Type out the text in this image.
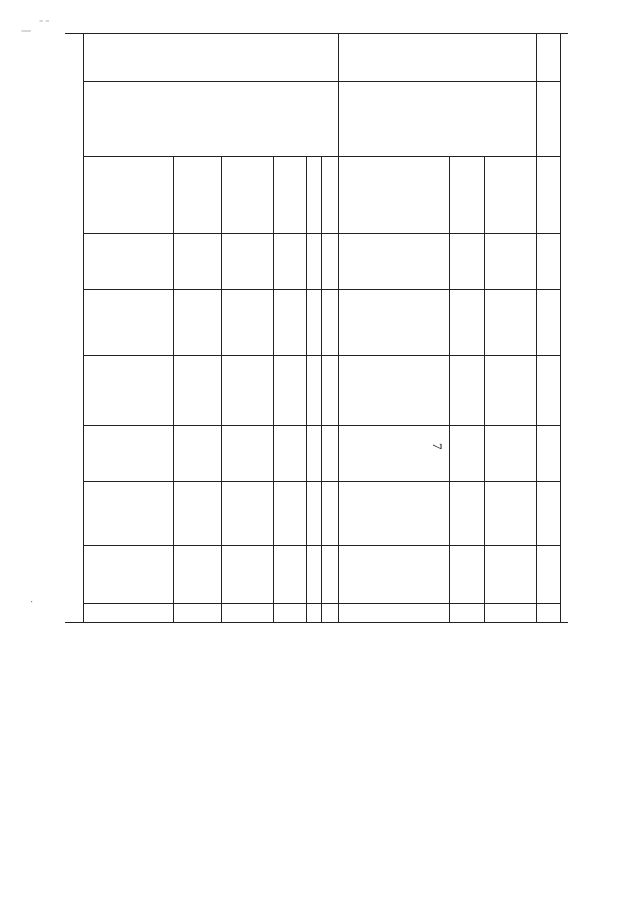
7
¦
|
·
